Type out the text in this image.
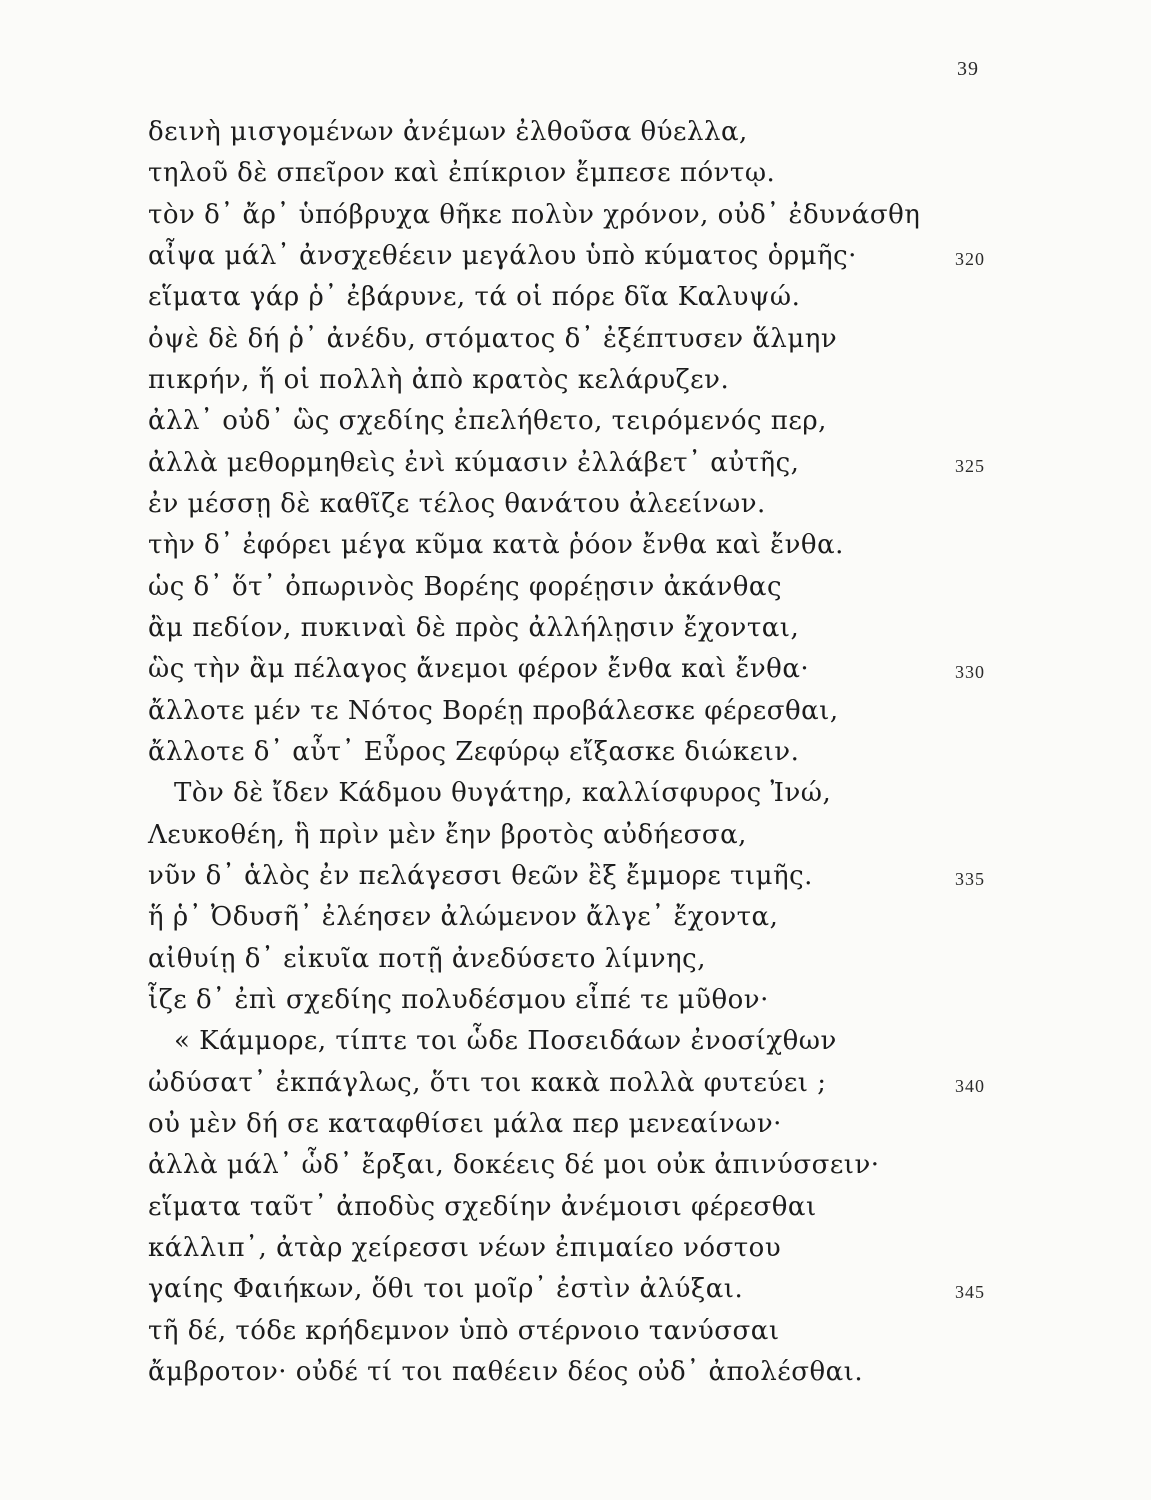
39
δεινὴ μισγομένων ἀνέμων ἐλθοῦσα θύελλα,
τηλοῦ δὲ σπεῖρον καὶ ἐπίκριον ἔμπεσε πόντῳ.
τὸν δ᾽ ἄρ᾽ ὑπόβρυχα θῆκε πολὺν χρόνον, οὐδ᾽ ἐδυνάσθη
αἶψα μάλ᾽ ἀνσχεθέειν μεγάλου ὑπὸ κύματος ὁρμῆς·	320
εἵματα γάρ ῥ᾽ ἐβάρυνε, τά οἱ πόρε δῖα Καλυψώ.
ὀψὲ δὲ δή ῥ᾽ ἀνέδυ, στόματος δ᾽ ἐξέπτυσεν ἅλμην
πικρήν, ἥ οἱ πολλὴ ἀπὸ κρατὸς κελάρυζεν.
ἀλλ᾽ οὐδ᾽ ὣς σχεδίης ἐπελήθετο, τειρόμενός περ,
ἀλλὰ μεθορμηθεὶς ἐνὶ κύμασιν ἐλλάβετ᾽ αὐτῆς,	325
ἐν μέσσῃ δὲ καθῖζε τέλος θανάτου ἀλεείνων.
τὴν δ᾽ ἐφόρει μέγα κῦμα κατὰ ῥόον ἔνθα καὶ ἔνθα.
ὡς δ᾽ ὅτ᾽ ὀπωρινὸς Βορέης φορέῃσιν ἀκάνθας
ἂμ πεδίον, πυκιναὶ δὲ πρὸς ἀλλήλῃσιν ἔχονται,
ὣς τὴν ἂμ πέλαγος ἄνεμοι φέρον ἔνθα καὶ ἔνθα·	330
ἄλλοτε μέν τε Νότος Βορέῃ προβάλεσκε φέρεσθαι,
ἄλλοτε δ᾽ αὖτ᾽ Εὖρος Ζεφύρῳ εἴξασκε διώκειν.
Τὸν δὲ ἴδεν Κάδμου θυγάτηρ, καλλίσφυρος Ἰνώ,
Λευκοθέη, ἣ πρὶν μὲν ἔην βροτὸς αὐδήεσσα,
νῦν δ᾽ ἁλὸς ἐν πελάγεσσι θεῶν ἒξ ἔμμορε τιμῆς.	335
ἥ ῥ᾽ Ὀδυσῆ᾽ ἐλέησεν ἀλώμενον ἄλγε᾽ ἔχοντα,
αἰθυίῃ δ᾽ εἰκυῖα ποτῇ ἀνεδύσετο λίμνης,
ἷζε δ᾽ ἐπὶ σχεδίης πολυδέσμου εἶπέ τε μῦθον·
« Κάμμορε, τίπτε τοι ὧδε Ποσειδάων ἐνοσίχθων
ὠδύσατ᾽ ἐκπάγλως, ὅτι τοι κακὰ πολλὰ φυτεύει ;	340
οὐ μὲν δή σε καταφθίσει μάλα περ μενεαίνων·
ἀλλὰ μάλ᾽ ὧδ᾽ ἔρξαι, δοκέεις δέ μοι οὐκ ἀπινύσσειν·
εἵματα ταῦτ᾽ ἀποδὺς σχεδίην ἀνέμοισι φέρεσθαι
κάλλιπ᾽, ἀτὰρ χείρεσσι νέων ἐπιμαίεο νόστου
γαίης Φαιήκων, ὅθι τοι μοῖρ᾽ ἐστὶν ἀλύξαι.	345
τῆ δέ, τόδε κρήδεμνον ὑπὸ στέρνοιο τανύσσαι
ἄμβροτον· οὐδέ τί τοι παθέειν δέος οὐδ᾽ ἀπολέσθαι.
